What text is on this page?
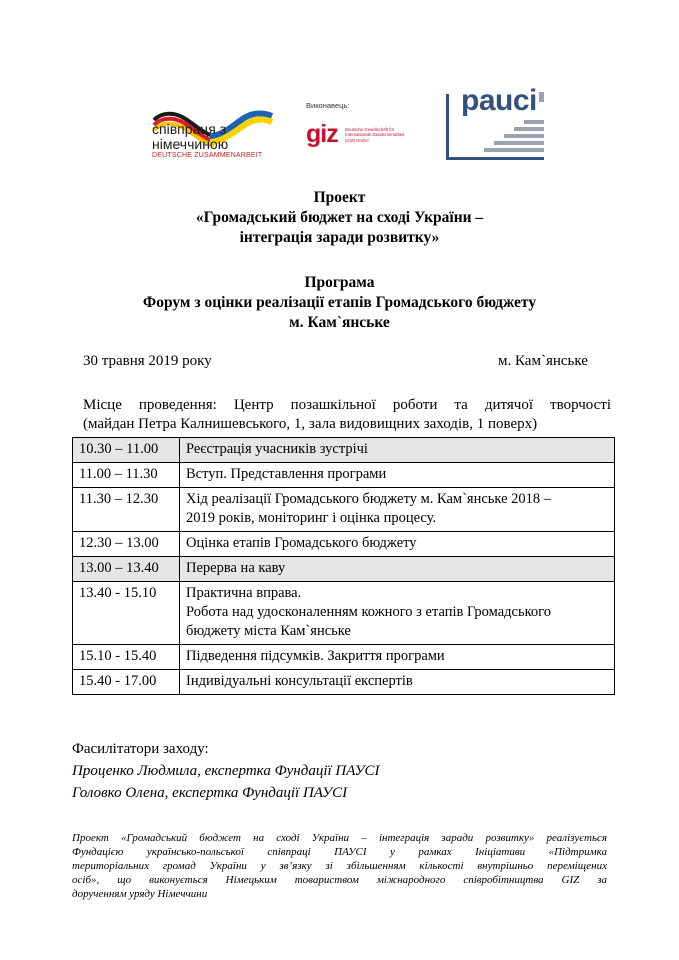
співпраця з
німеччиною
DEUTSCHE ZUSAMMENARBEIT
Виконавець:
giz Deutsche Gesellschaft für Internationale Zusammenarbeit (GIZ) GmbH
pauci
Проект
«Громадський бюджет на сході України –
інтеграція заради розвитку»
Програма
Форум з оцінки реалізації етапів Громадського бюджету
м. Кам`янське
30 травня 2019 року	м. Кам`янське
Місце проведення: Центр позашкільної роботи та дитячої творчості
(майдан Петра Калнишевського, 1, зала видовищних заходів, 1 поверх)
10.30 – 11.00	Реєстрація учасників зустрічі

11.00 – 11.30	Вступ. Представлення програми

11.30 – 12.30	Хід реалізації Громадського бюджету м. Кам`янське 2018 –
2019 років, моніторинг і оцінка процесу.

12.30 – 13.00	Оцінка етапів Громадського бюджету

13.00 – 13.40	Перерва на каву

13.40 - 15.10	Практична вправа.
Робота над удосконаленням кожного з етапів Громадського
бюджету міста Кам`янське

15.10 - 15.40	Підведення підсумків. Закриття програми

15.40 - 17.00	Індивідуальні консультації експертів
Фасилітатори заходу:
Проценко Людмила, експертка Фундації ПАУСІ
Головко Олена, експертка Фундації ПАУСІ
Проект «Громадський бюджет на сході України – інтеграція заради розвитку» реалізується
Фундацією українсько-польської співпраці ПАУСІ у рамках Ініціативи «Підтримка
територіальних громад України у зв’язку зі збільшенням кількості внутрішньо переміщених
осіб», що виконується Німецьким товариством міжнародного співробітництва GIZ за
дорученням уряду Німеччини
